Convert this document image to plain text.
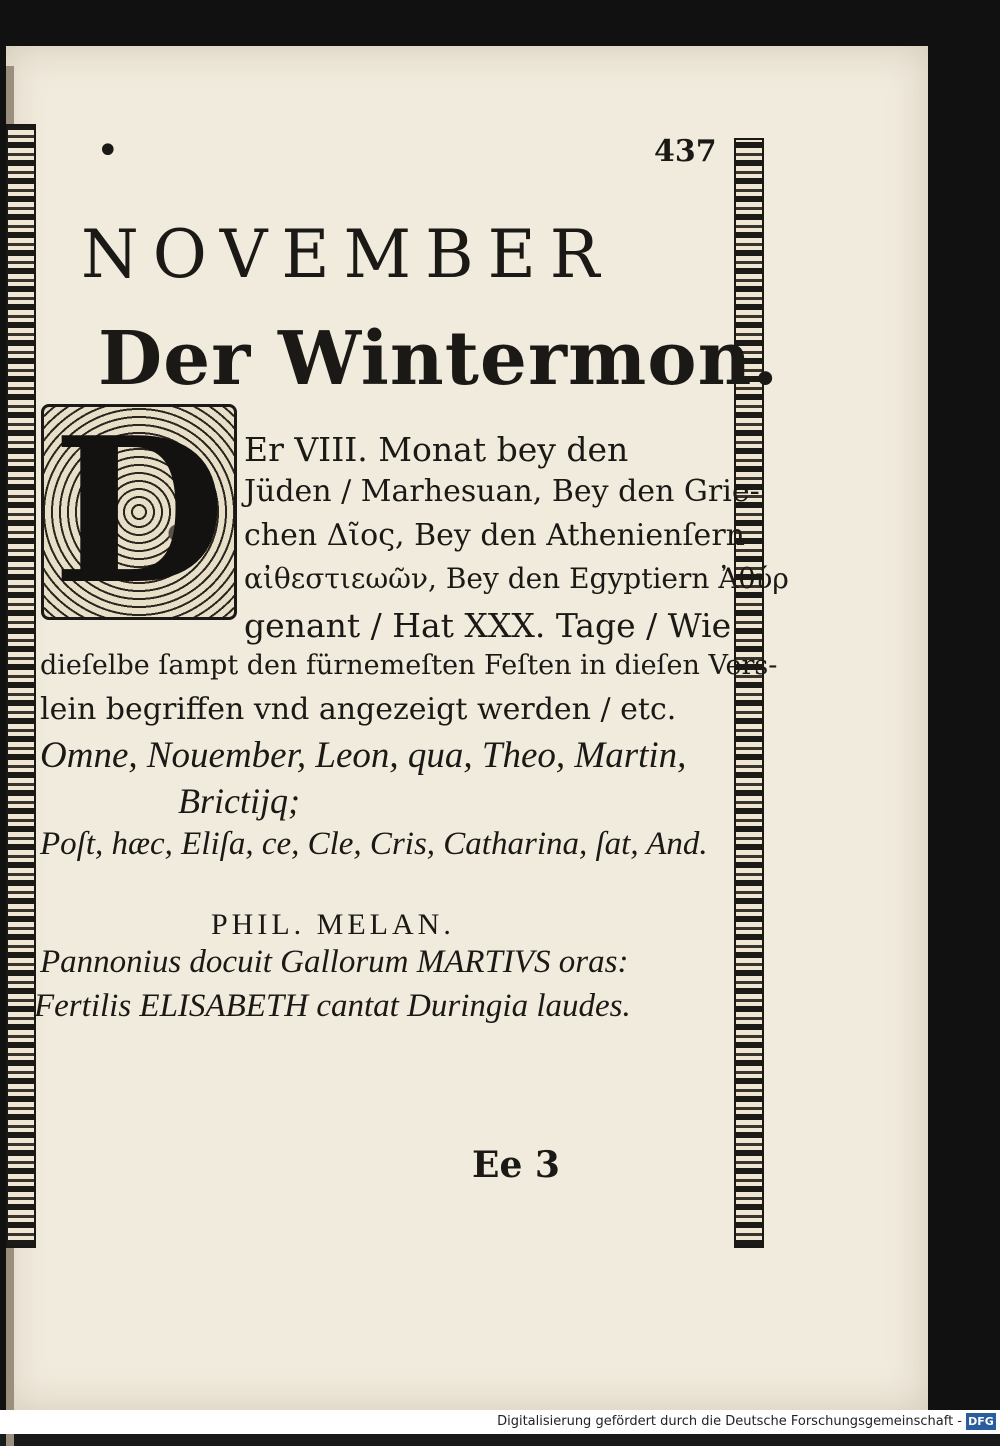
•	437
NOVEMBER
Der Wintermon.
D Er VIII. Monat bey den
Jüden / Marhesuan, Bey den Grie-
chen Δῖος, Bey den Athenienſern
αἰθεστιεωῶν, Bey den Egyptiern Ἀθύρ
genant / Hat XXX. Tage / Wie
dieſelbe ſampt den fürnemeſten Feſten in dieſen Vers-
lein begriffen vnd angezeigt werden / etc.
Omne, Nouember, Leon, qua, Theo, Martin,
Brictijq;
Poſt, hæc, Eliſa, ce, Cle, Cris, Catharina, ſat, And.
PHIL. MELAN.
Pannonius docuit Gallorum MARTIVS oras:
Fertilis ELISABETH cantat Duringia laudes.
Ee 3
Digitalisierung gefördert durch die Deutsche Forschungsgemeinschaft - DFG
